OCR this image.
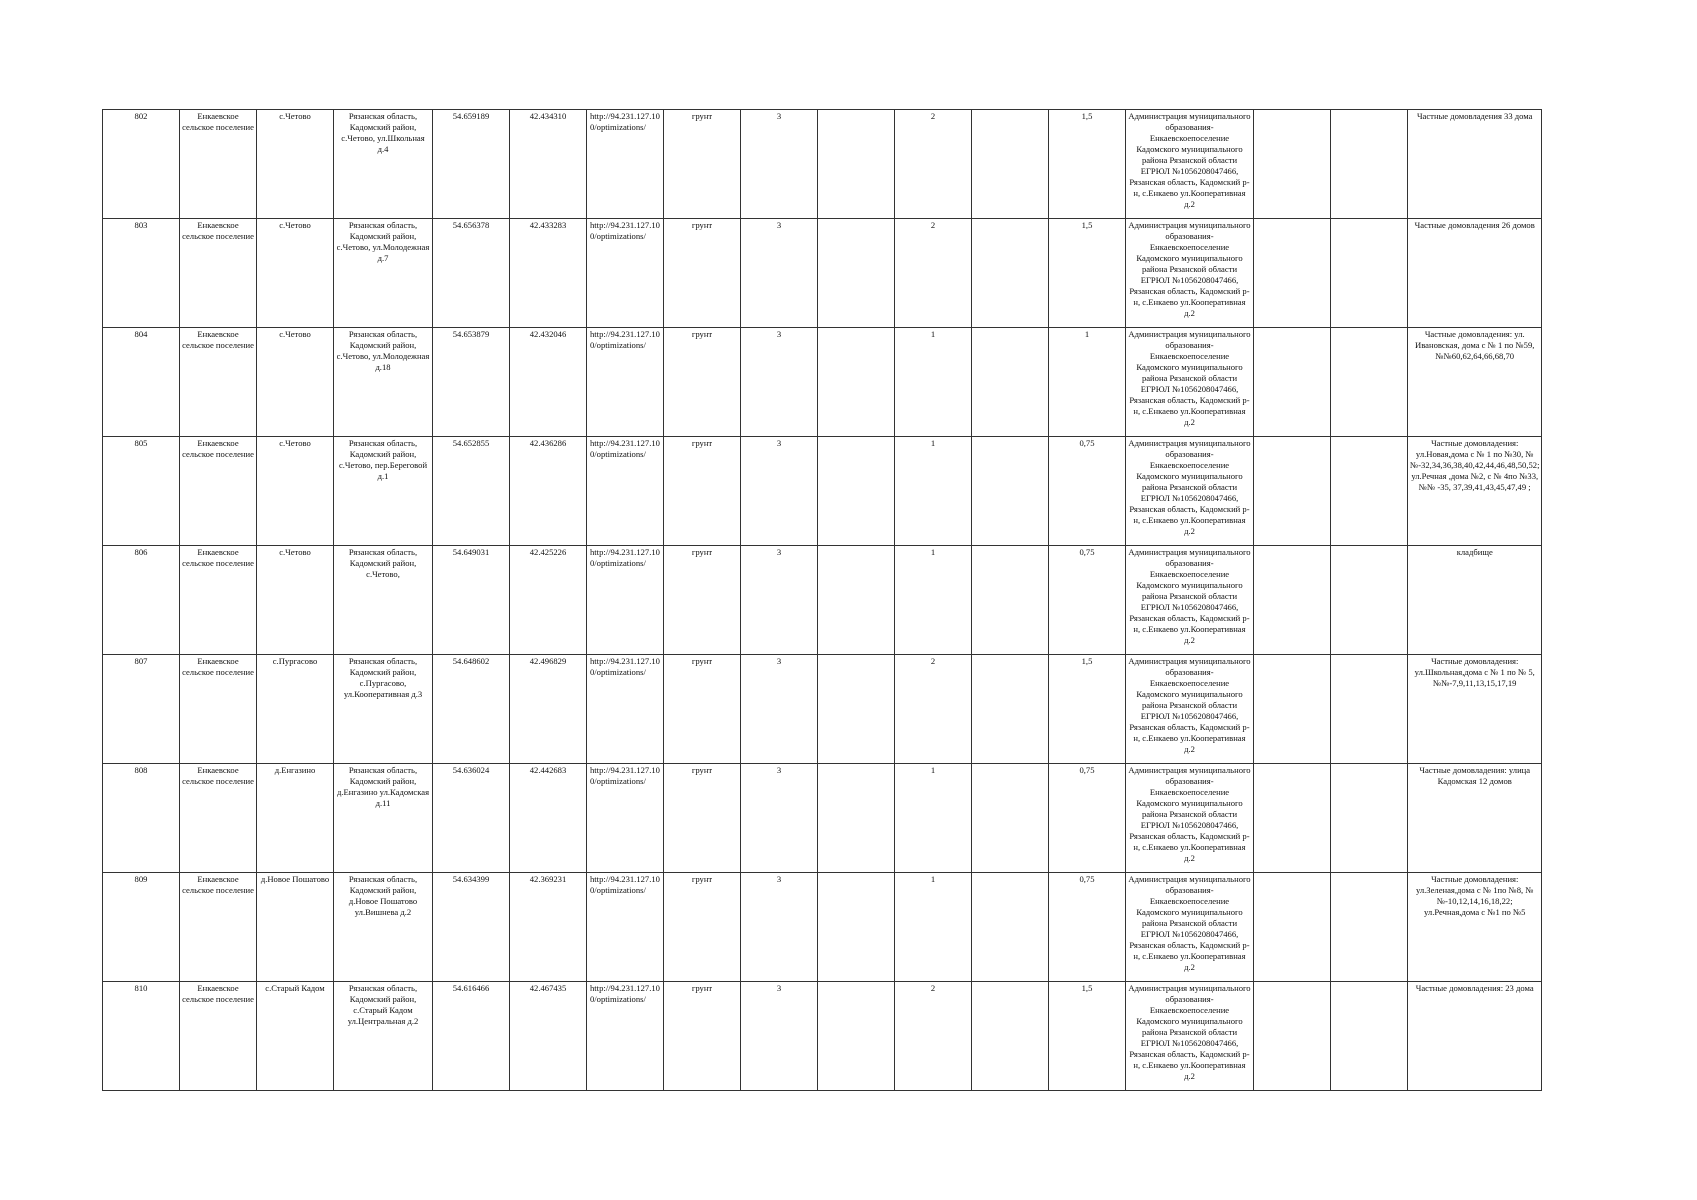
802	Енкаевское сельское поселение	с.Четово	Рязанская область, Кадомский район, с.Четово, ул.Школьная д.4	54.659189	42.434310	http://94.231.127.10 0/optimizations/	грунт	3		2		1,5	Администрация муниципального образования-Енкаевскоепоселение Кадомского муниципального района Рязанской области ЕГРЮЛ №1056208047466, Рязанская область, Кадомский р-н, с.Енкаево ул.Кооперативная д.2			Частные домовладения 33 дома
803	Енкаевское сельское поселение	с.Четово	Рязанская область, Кадомский район, с.Четово, ул.Молодежная д.7	54.656378	42.433283	http://94.231.127.10 0/optimizations/	грунт	3		2		1,5	Администрация муниципального образования-Енкаевскоепоселение Кадомского муниципального района Рязанской области ЕГРЮЛ №1056208047466, Рязанская область, Кадомский р-н, с.Енкаево ул.Кооперативная д.2			Частные домовладения 26 домов
804	Енкаевское сельское поселение	с.Четово	Рязанская область, Кадомский район, с.Четово, ул.Молодежная д.18	54.653879	42.432046	http://94.231.127.10 0/optimizations/	грунт	3		1		1	Администрация муниципального образования-Енкаевскоепоселение Кадомского муниципального района Рязанской области ЕГРЮЛ №1056208047466, Рязанская область, Кадомский р-н, с.Енкаево ул.Кооперативная д.2			Частные домовладения: ул. Ивановская, дома с № 1 по №59, №№60,62,64,66,68,70
805	Енкаевское сельское поселение	с.Четово	Рязанская область, Кадомский район, с.Четово, пер.Береговой д.1	54.652855	42.436286	http://94.231.127.10 0/optimizations/	грунт	3		1		0,75	Администрация муниципального образования-Енкаевскоепоселение Кадомского муниципального района Рязанской области ЕГРЮЛ №1056208047466, Рязанская область, Кадомский р-н, с.Енкаево ул.Кооперативная д.2			Частные домовладения: ул.Новая,дома с № 1 по №30, №№-32,34,36,38,40,42,44,46,48,50,52; ул.Речная ,дома №2, с № 4по №33, №№ -35, 37,39,41,43,45,47,49 ;
806	Енкаевское сельское поселение	с.Четово	Рязанская область, Кадомский район, с.Четово,	54.649031	42.425226	http://94.231.127.10 0/optimizations/	грунт	3		1		0,75	Администрация муниципального образования-Енкаевскоепоселение Кадомского муниципального района Рязанской области ЕГРЮЛ №1056208047466, Рязанская область, Кадомский р-н, с.Енкаево ул.Кооперативная д.2			кладбище
807	Енкаевское сельское поселение	с.Пургасово	Рязанская область, Кадомский район, с.Пургасово, ул.Кооперативная д.3	54.648602	42.496829	http://94.231.127.10 0/optimizations/	грунт	3		2		1,5	Администрация муниципального образования-Енкаевскоепоселение Кадомского муниципального района Рязанской области ЕГРЮЛ №1056208047466, Рязанская область, Кадомский р-н, с.Енкаево ул.Кооперативная д.2			Частные домовладения: ул.Школьная,дома с № 1 по № 5, №№-7,9,11,13,15,17,19
808	Енкаевское сельское поселение	д.Енгазино	Рязанская область, Кадомский район, д.Енгазино ул.Кадомская д.11	54.636024	42.442683	http://94.231.127.10 0/optimizations/	грунт	3		1		0,75	Администрация муниципального образования-Енкаевскоепоселение Кадомского муниципального района Рязанской области ЕГРЮЛ №1056208047466, Рязанская область, Кадомский р-н, с.Енкаево ул.Кооперативная д.2			Частные домовладения: улица Кадомская 12 домов
809	Енкаевское сельское поселение	д.Новое Пошатово	Рязанская область, Кадомский район, д.Новое Пошатово ул.Вишнева д.2	54.634399	42.369231	http://94.231.127.10 0/optimizations/	грунт	3		1		0,75	Администрация муниципального образования-Енкаевскоепоселение Кадомского муниципального района Рязанской области ЕГРЮЛ №1056208047466, Рязанская область, Кадомский р-н, с.Енкаево ул.Кооперативная д.2			Частные домовладения: ул.Зеленая,дома с № 1по №8, №№-10,12,14,16,18,22; ул.Речная,дома с №1 по №5
810	Енкаевское сельское поселение	с.Старый Кадом	Рязанская область, Кадомский район, с.Старый Кадом ул.Центральная д.2	54.616466	42.467435	http://94.231.127.10 0/optimizations/	грунт	3		2		1,5	Администрация муниципального образования-Енкаевскоепоселение Кадомского муниципального района Рязанской области ЕГРЮЛ №1056208047466, Рязанская область, Кадомский р-н, с.Енкаево ул.Кооперативная д.2			Частные домовладения: 23 дома
